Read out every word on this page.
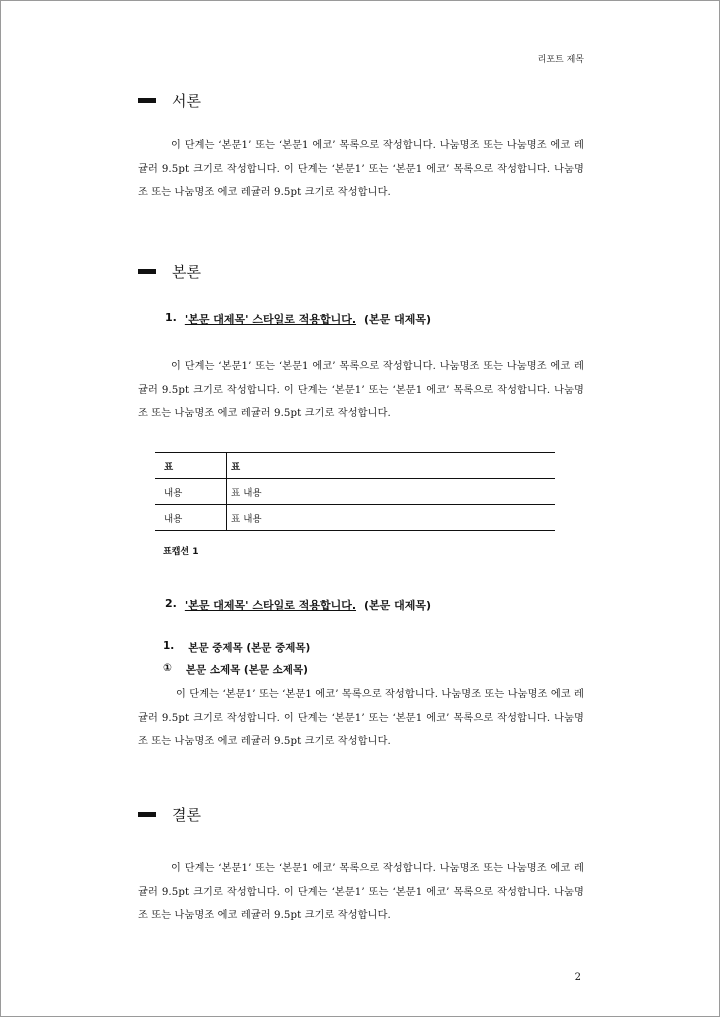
리포트 제목
서론

이 단계는 ‘본문1’ 또는 ‘본문1 에코’ 목록으로 작성합니다. 나눔명조 또는 나눔명조 에코 레귤러 9.5pt 크기로 작성합니다. 이 단계는 ‘본문1’ 또는 ‘본문1 에코’ 목록으로 작성합니다. 나눔명조 또는 나눔명조 에코 레귤러 9.5pt 크기로 작성합니다.

본론
1. '본문 대제목' 스타일로 적용합니다. (본문 대제목)

이 단계는 ‘본문1’ 또는 ‘본문1 에코’ 목록으로 작성합니다. 나눔명조 또는 나눔명조 에코 레귤러 9.5pt 크기로 작성합니다. 이 단계는 ‘본문1’ 또는 ‘본문1 에코’ 목록으로 작성합니다. 나눔명조 또는 나눔명조 에코 레귤러 9.5pt 크기로 작성합니다.

표	표
내용	표 내용
내용	표 내용
표캡션 1
2. '본문 대제목' 스타일로 적용합니다. (본문 대제목)
1. 본문 중제목 (본문 중제목)
① 본문 소제목 (본문 소제목)

이 단계는 ‘본문1’ 또는 ‘본문1 에코’ 목록으로 작성합니다. 나눔명조 또는 나눔명조 에코 레귤러 9.5pt 크기로 작성합니다. 이 단계는 ‘본문1’ 또는 ‘본문1 에코’ 목록으로 작성합니다. 나눔명조 또는 나눔명조 에코 레귤러 9.5pt 크기로 작성합니다.

결론

이 단계는 ‘본문1’ 또는 ‘본문1 에코’ 목록으로 작성합니다. 나눔명조 또는 나눔명조 에코 레귤러 9.5pt 크기로 작성합니다. 이 단계는 ‘본문1’ 또는 ‘본문1 에코’ 목록으로 작성합니다. 나눔명조 또는 나눔명조 에코 레귤러 9.5pt 크기로 작성합니다.

2
